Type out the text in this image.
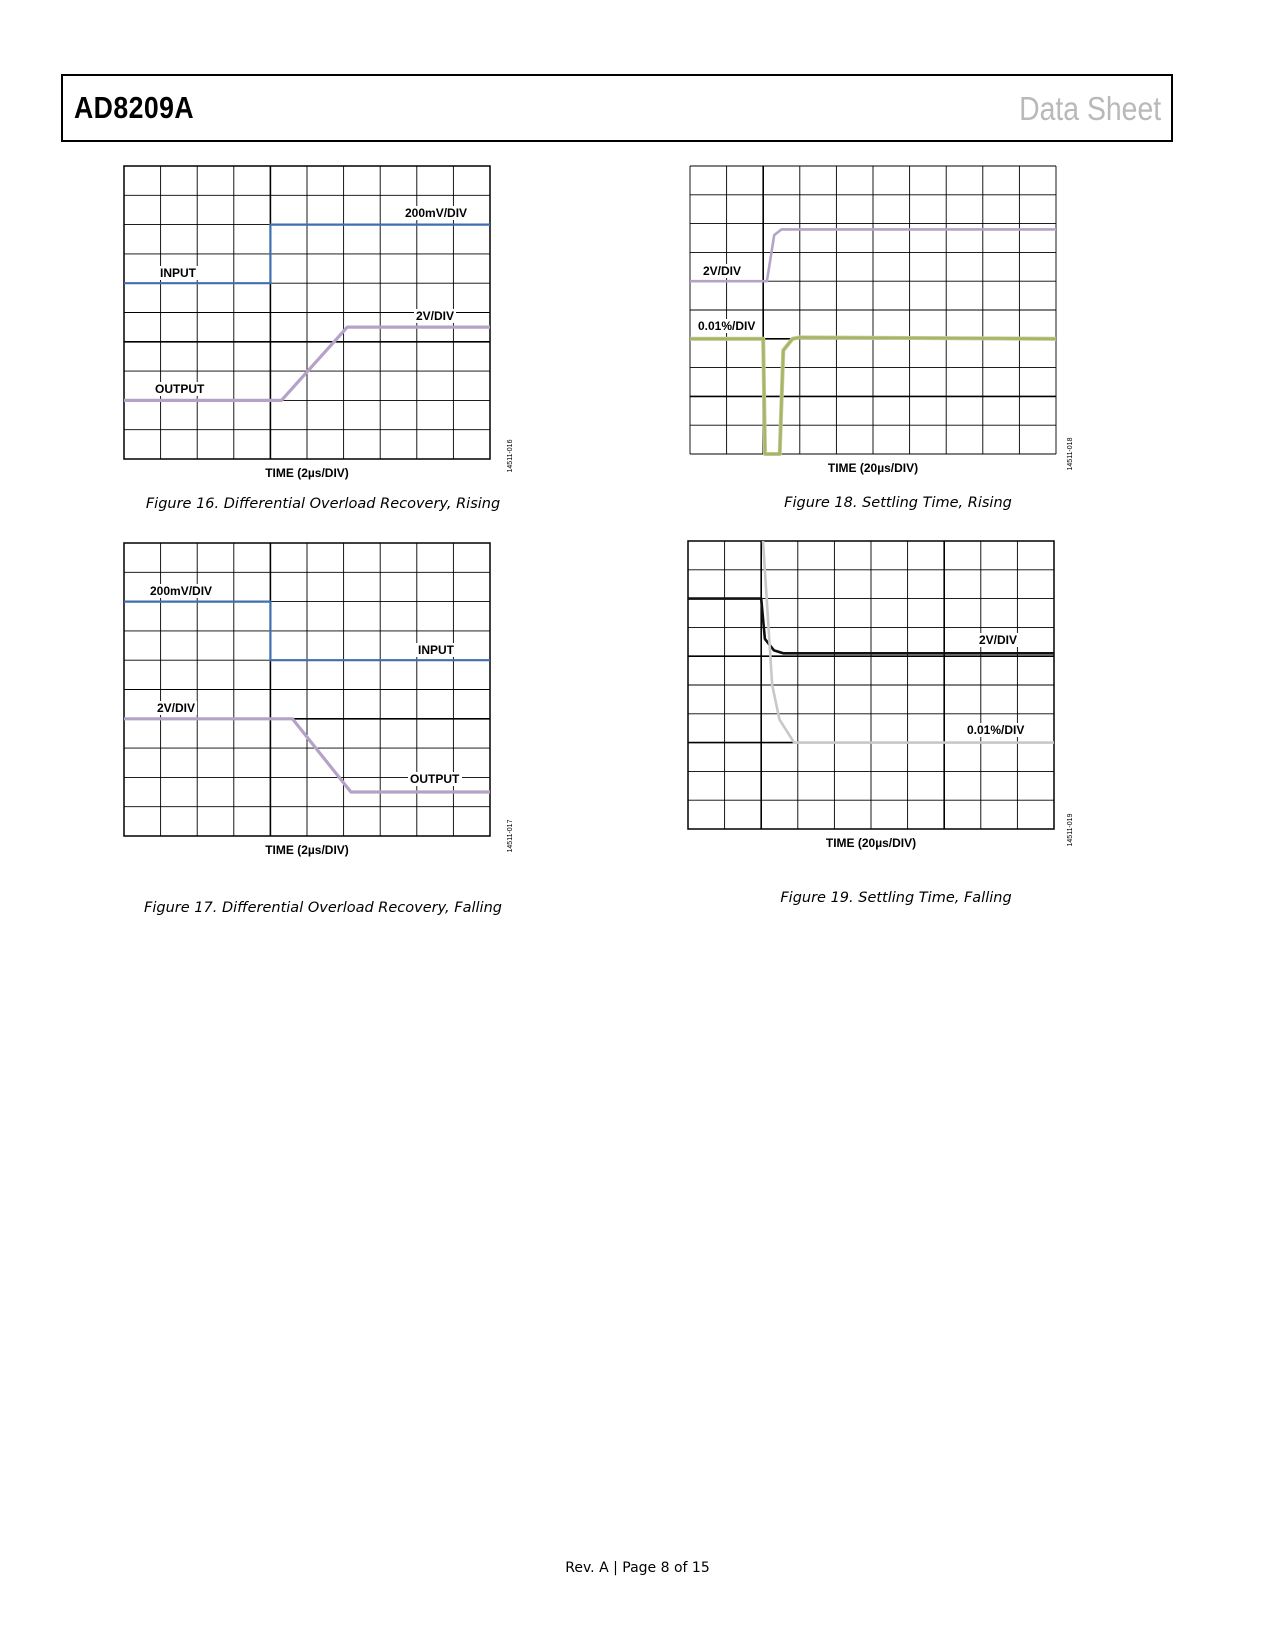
AD8209A	Data Sheet
200mV/DIV
INPUT
2V/DIV
OUTPUT
TIME (2µs/DIV)
14511-016
Figure 16. Differential Overload Recovery, Rising
200mV/DIV
INPUT
2V/DIV
OUTPUT
TIME (2µs/DIV)	14511-017
Figure 17. Differential Overload Recovery, Falling
2V/DIV
0.01%/DIV
TIME (20µs/DIV)	14511-018
Figure 18. Settling Time, Rising
2V/DIV
0.01%/DIV
TIME (20µs/DIV)	14511-019
Figure 19. Settling Time, Falling
Rev. A | Page 8 of 15
